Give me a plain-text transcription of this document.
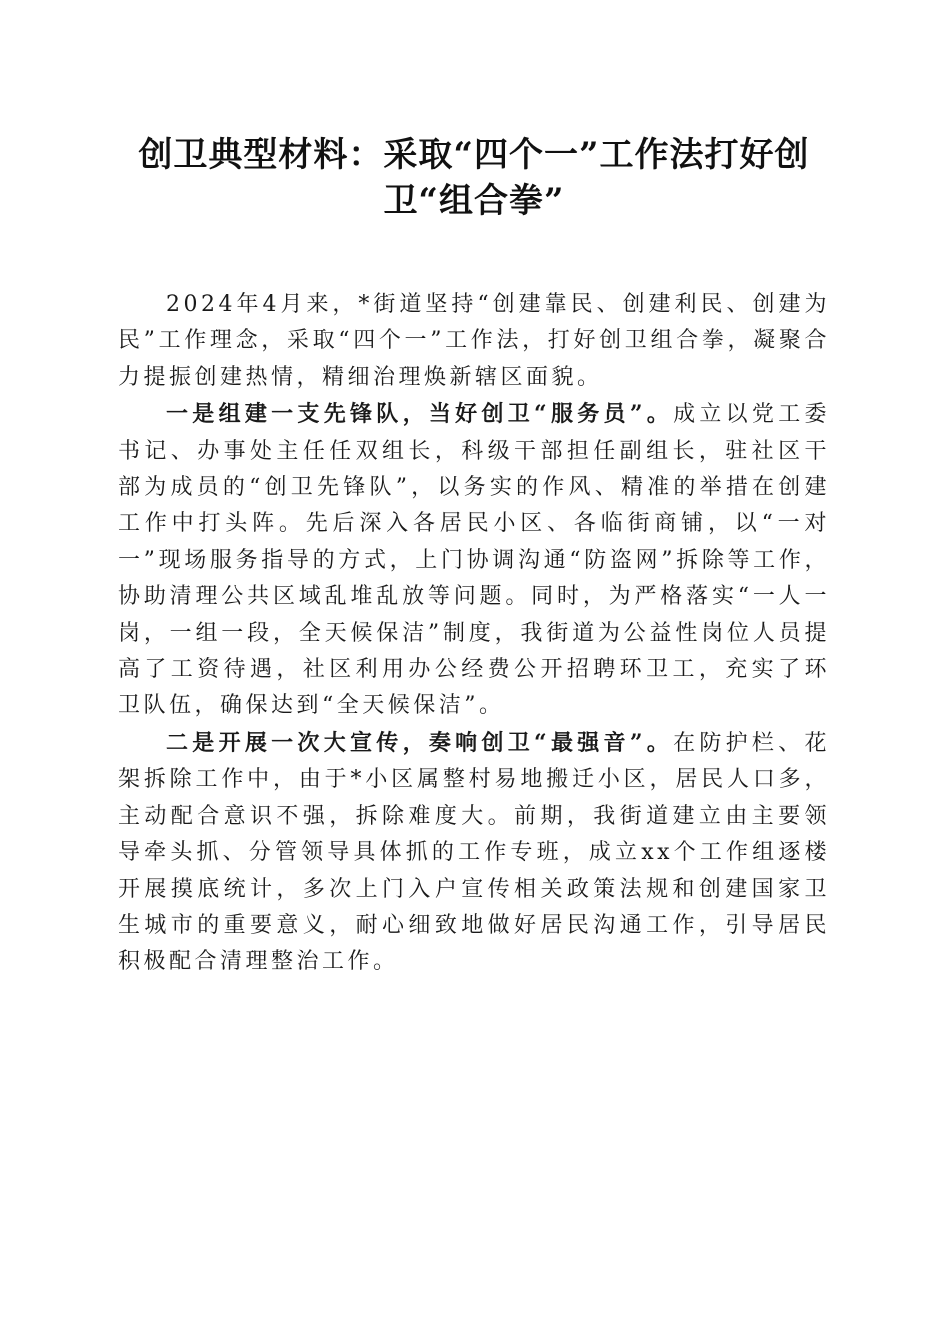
创卫典型材料：采取“四个一”工作法打好创卫“组合拳”

2024年4月来，*街道坚持“创建靠民、创建利民、创建为民”工作理念，采取“四个一”工作法，打好创卫组合拳，凝聚合力提振创建热情，精细治理焕新辖区面貌。

一是组建一支先锋队，当好创卫“服务员”。成立以党工委书记、办事处主任任双组长，科级干部担任副组长，驻社区干部为成员的“创卫先锋队”，以务实的作风、精准的举措在创建工作中打头阵。先后深入各居民小区、各临街商铺，以“一对一”现场服务指导的方式，上门协调沟通“防盗网”拆除等工作，协助清理公共区域乱堆乱放等问题。同时，为严格落实“一人一岗，一组一段，全天候保洁”制度，我街道为公益性岗位人员提高了工资待遇，社区利用办公经费公开招聘环卫工，充实了环卫队伍，确保达到“全天候保洁”。

二是开展一次大宣传，奏响创卫“最强音”。在防护栏、花架拆除工作中，由于*小区属整村易地搬迁小区，居民人口多，主动配合意识不强，拆除难度大。前期，我街道建立由主要领导牵头抓、分管领导具体抓的工作专班，成立xx个工作组逐楼开展摸底统计，多次上门入户宣传相关政策法规和创建国家卫生城市的重要意义，耐心细致地做好居民沟通工作，引导居民积极配合清理整治工作。
